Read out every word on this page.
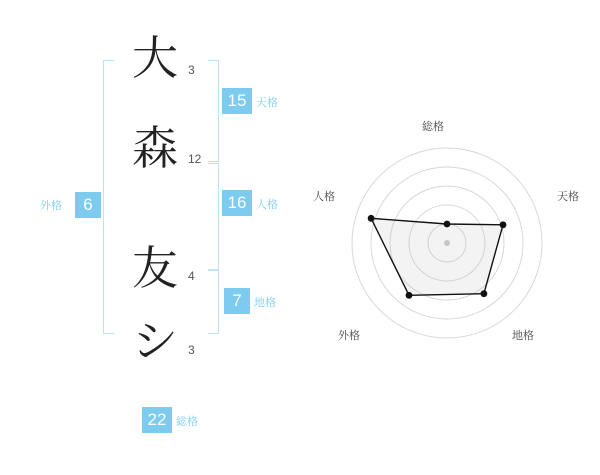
6
外格
大 3
森 12
友 4
シ 3
15 天格
16 人格
7	地格
22 総格
総格
天格
地格
外格
人格
